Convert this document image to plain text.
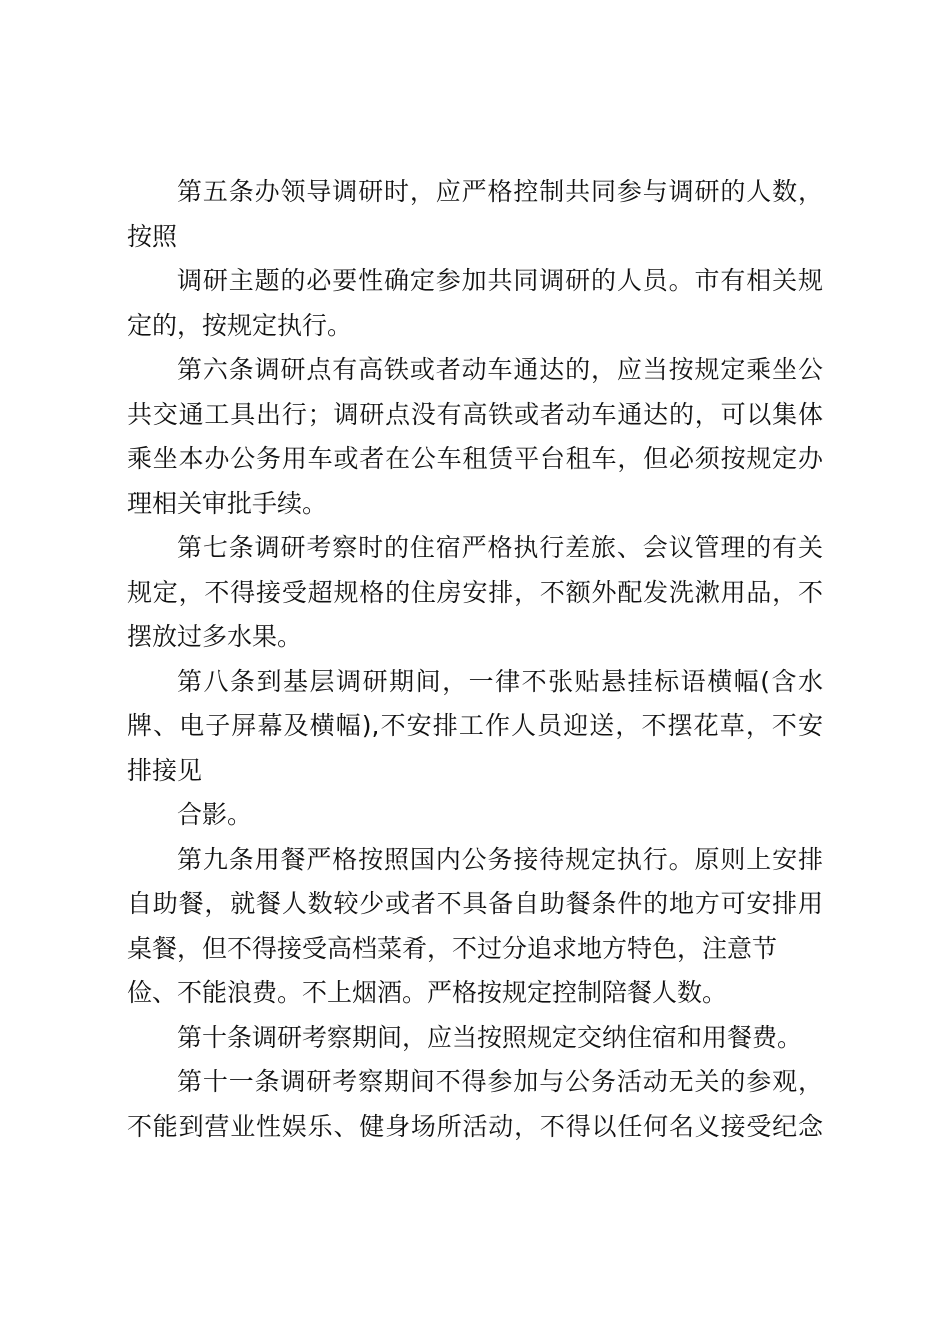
第五条办领导调研时，应严格控制共同参与调研的人数，
按照
调研主题的必要性确定参加共同调研的人员。市有相关规
定的，按规定执行。
第六条调研点有高铁或者动车通达的，应当按规定乘坐公
共交通工具出行；调研点没有高铁或者动车通达的，可以集体
乘坐本办公务用车或者在公车租赁平台租车，但必须按规定办
理相关审批手续。
第七条调研考察时的住宿严格执行差旅、会议管理的有关
规定，不得接受超规格的住房安排，不额外配发洗漱用品，不
摆放过多水果。
第八条到基层调研期间，一律不张贴悬挂标语横幅(含水
牌、电子屏幕及横幅),不安排工作人员迎送，不摆花草，不安
排接见
合影。
第九条用餐严格按照国内公务接待规定执行。原则上安排
自助餐，就餐人数较少或者不具备自助餐条件的地方可安排用
桌餐，但不得接受高档菜肴，不过分追求地方特色，注意节
俭、不能浪费。不上烟酒。严格按规定控制陪餐人数。
第十条调研考察期间，应当按照规定交纳住宿和用餐费。
第十一条调研考察期间不得参加与公务活动无关的参观，
不能到营业性娱乐、健身场所活动，不得以任何名义接受纪念
